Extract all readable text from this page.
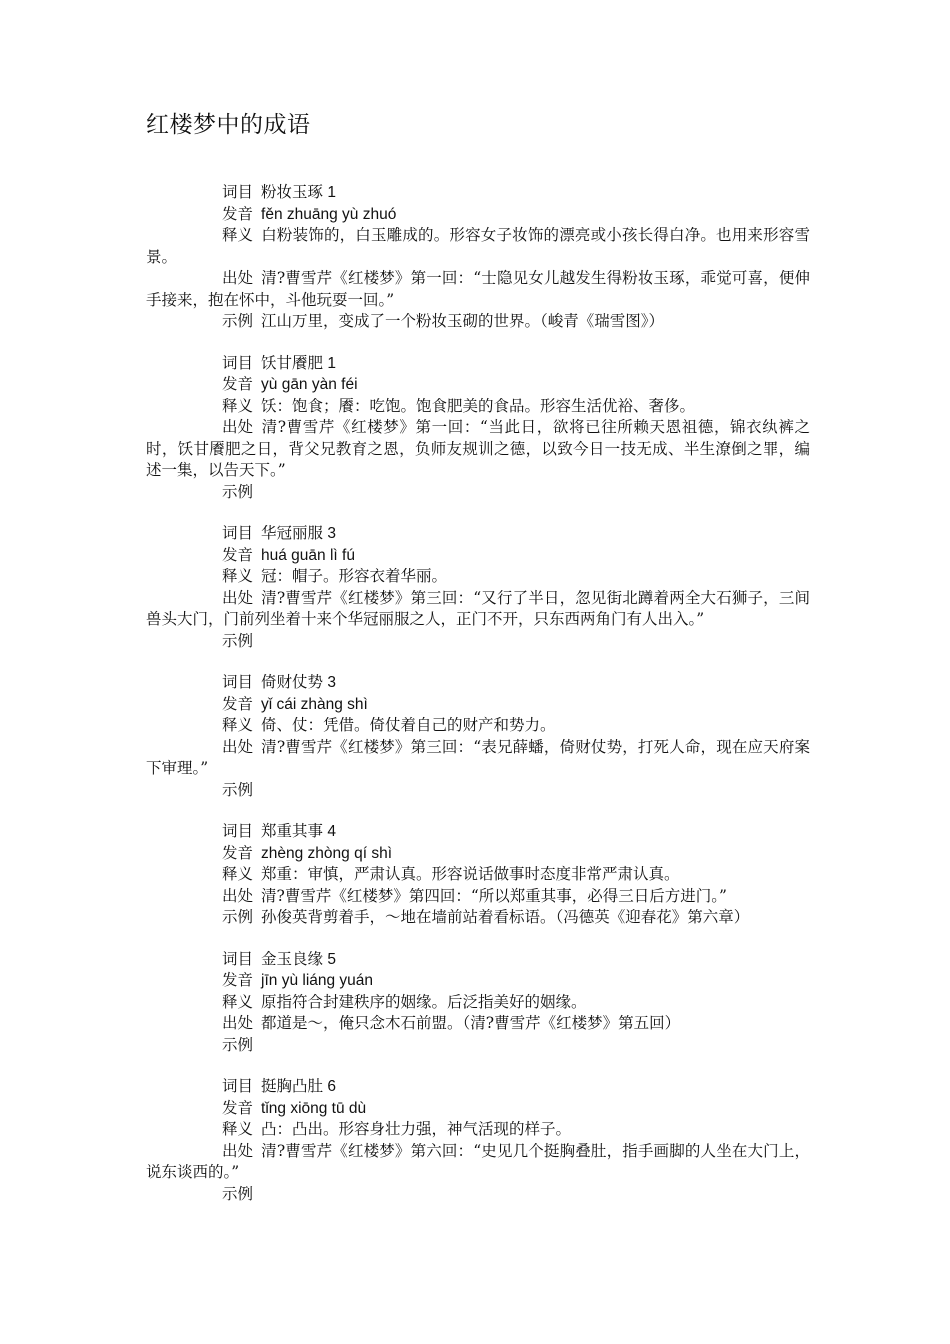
红楼梦中的成语

词目 粉妆玉琢 1

发音 fěn zhuāng yù zhuó

释义 白粉装饰的，白玉雕成的。形容女子妆饰的漂亮或小孩长得白净。也用来形容雪景。

出处 清?曹雪芹《红楼梦》第一回：“士隐见女儿越发生得粉妆玉琢，乖觉可喜，便伸手接来，抱在怀中，斗他玩耍一回。”

示例 江山万里，变成了一个粉妆玉砌的世界。（峻青《瑞雪图》）

词目 饫甘餍肥 1

发音 yù gān yàn féi

释义 饫：饱食；餍：吃饱。饱食肥美的食品。形容生活优裕、奢侈。

出处 清?曹雪芹《红楼梦》第一回：“当此日，欲将已往所赖天恩祖德，锦衣纨裤之时，饫甘餍肥之日，背父兄教育之恩，负师友规训之德，以致今日一技无成、半生潦倒之罪，编述一集，以告天下。”

示例

词目 华冠丽服 3

发音 huá guān lì fú

释义 冠：帽子。形容衣着华丽。

出处 清?曹雪芹《红楼梦》第三回：“又行了半日，忽见街北蹲着两全大石狮子，三间兽头大门，门前列坐着十来个华冠丽服之人，正门不开，只东西两角门有人出入。”

示例

词目 倚财仗势 3

发音 yǐ cái zhàng shì

释义 倚、仗：凭借。倚仗着自己的财产和势力。

出处 清?曹雪芹《红楼梦》第三回：“表兄薛蟠，倚财仗势，打死人命，现在应天府案下审理。”

示例

词目 郑重其事 4

发音 zhèng zhòng qí shì

释义 郑重：审慎，严肃认真。形容说话做事时态度非常严肃认真。

出处 清?曹雪芹《红楼梦》第四回：“所以郑重其事，必得三日后方进门。”

示例 孙俊英背剪着手，～地在墙前站着看标语。（冯德英《迎春花》第六章）

词目 金玉良缘 5

发音 jīn yù liáng yuán

释义 原指符合封建秩序的姻缘。后泛指美好的姻缘。

出处 都道是～，俺只念木石前盟。（清?曹雪芹《红楼梦》第五回）

示例

词目 挺胸凸肚 6

发音 tǐng xiōng tū dù

释义 凸：凸出。形容身壮力强，神气活现的样子。

出处 清?曹雪芹《红楼梦》第六回：“史见几个挺胸叠肚，指手画脚的人坐在大门上，说东谈西的。”

示例
